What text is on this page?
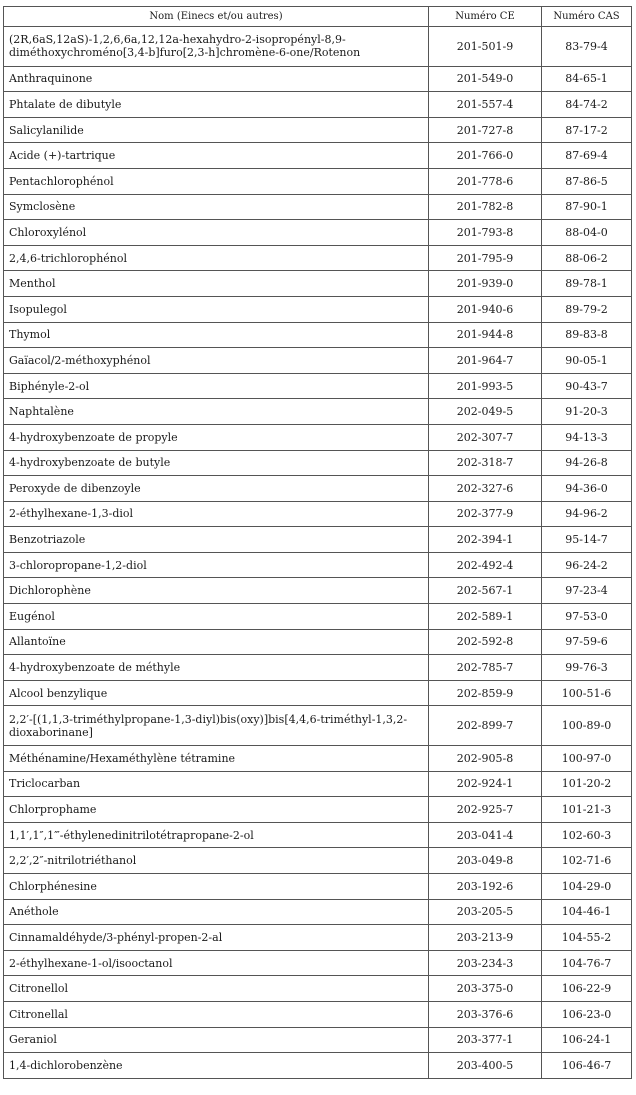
Nom (Einecs et/ou autres)	Numéro CE	Numéro CAS
(2R,6aS,12aS)-1,2,6,6a,12,12a-hexahydro-2-isopropényl-8,9-diméthoxychroméno[3,4-b]furo[2,3-h]chromène-6-one/Rotenon	201-501-9	83-79-4
Anthraquinone	201-549-0	84-65-1
Phtalate de dibutyle	201-557-4	84-74-2
Salicylanilide	201-727-8	87-17-2
Acide (+)-tartrique	201-766-0	87-69-4
Pentachlorophénol	201-778-6	87-86-5
Symclosène	201-782-8	87-90-1
Chloroxylénol	201-793-8	88-04-0
2,4,6-trichlorophénol	201-795-9	88-06-2
Menthol	201-939-0	89-78-1
Isopulegol	201-940-6	89-79-2
Thymol	201-944-8	89-83-8
Gaïacol/2-méthoxyphénol	201-964-7	90-05-1
Biphényle-2-ol	201-993-5	90-43-7
Naphtalène	202-049-5	91-20-3
4-hydroxybenzoate de propyle	202-307-7	94-13-3
4-hydroxybenzoate de butyle	202-318-7	94-26-8
Peroxyde de dibenzoyle	202-327-6	94-36-0
2-éthylhexane-1,3-diol	202-377-9	94-96-2
Benzotriazole	202-394-1	95-14-7
3-chloropropane-1,2-diol	202-492-4	96-24-2
Dichlorophène	202-567-1	97-23-4
Eugénol	202-589-1	97-53-0
Allantoïne	202-592-8	97-59-6
4-hydroxybenzoate de méthyle	202-785-7	99-76-3
Alcool benzylique	202-859-9	100-51-6
2,2′-[(1,1,3-triméthylpropane-1,3-diyl)bis(oxy)]bis[4,4,6-triméthyl-1,3,2-dioxaborinane]	202-899-7	100-89-0
Méthénamine/Hexaméthylène tétramine	202-905-8	100-97-0
Triclocarban	202-924-1	101-20-2
Chlorprophame	202-925-7	101-21-3
1,1′,1″,1‴-éthylenedinitrilotétrapropane-2-ol	203-041-4	102-60-3
2,2′,2″-nitrilotriéthanol	203-049-8	102-71-6
Chlorphénesine	203-192-6	104-29-0
Anéthole	203-205-5	104-46-1
Cinnamaldéhyde/3-phényl-propen-2-al	203-213-9	104-55-2
2-éthylhexane-1-ol/isooctanol	203-234-3	104-76-7
Citronellol	203-375-0	106-22-9
Citronellal	203-376-6	106-23-0
Geraniol	203-377-1	106-24-1
1,4-dichlorobenzène	203-400-5	106-46-7
